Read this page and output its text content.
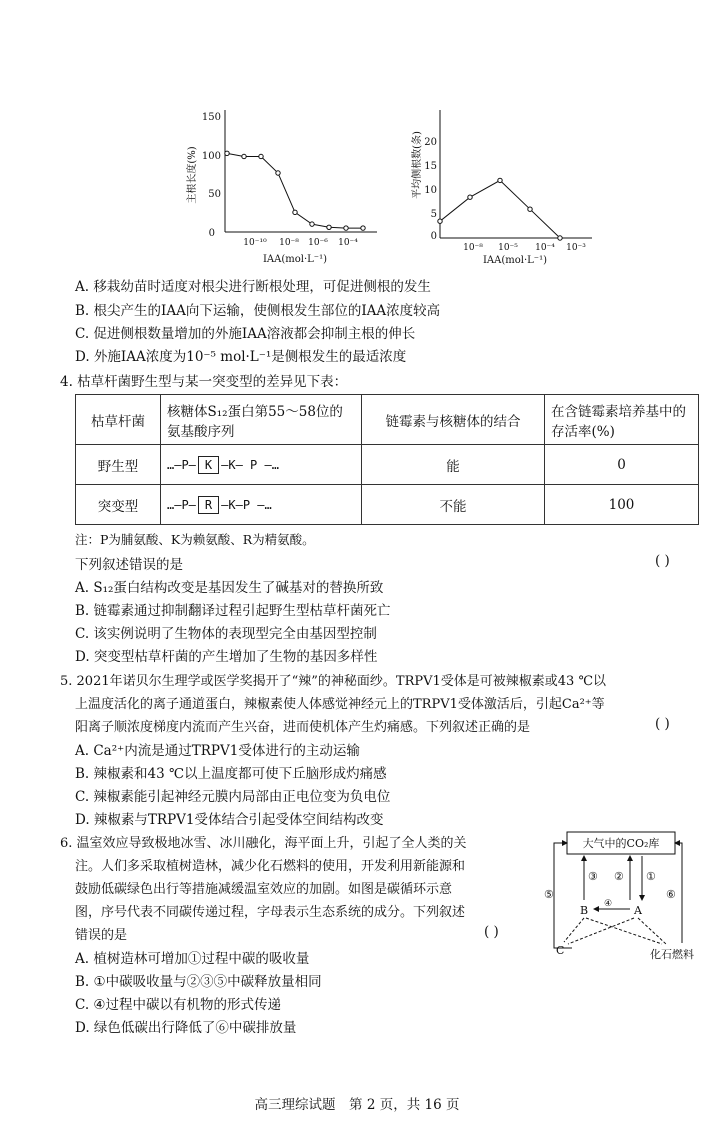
主根长度(%)
150
100
50
0
10⁻¹⁰ 10⁻⁸ 10⁻⁶ 10⁻⁴
IAA(mol·L⁻¹)
平均侧根数(条) 20
15
10
5
0
10⁻⁸ 10⁻⁵ 10⁻⁴ 10⁻³
IAA(mol·L⁻¹)
A. 移栽幼苗时适度对根尖进行断根处理，可促进侧根的发生
B. 根尖产生的IAA向下运输，使侧根发生部位的IAA浓度较高
C. 促进侧根数量增加的外施IAA溶液都会抑制主根的伸长
D. 外施IAA浓度为10⁻⁵ mol·L⁻¹是侧根发生的最适浓度
4. 枯草杆菌野生型与某一突变型的差异见下表：
枯草杆菌	核糖体S₁₂蛋白第55～58位的氨基酸序列	链霉素与核糖体的结合	在含链霉素培养基中的存活率(%)
野生型	…—P— K —K— P —…	能	0
突变型	…—P— R —K—P —…	不能	100
注：P为脯氨酸、K为赖氨酸、R为精氨酸。
下列叙述错误的是	( )
A. S₁₂蛋白结构改变是基因发生了碱基对的替换所致
B. 链霉素通过抑制翻译过程引起野生型枯草杆菌死亡
C. 该实例说明了生物体的表现型完全由基因型控制
D. 突变型枯草杆菌的产生增加了生物的基因多样性
5. 2021年诺贝尔生理学或医学奖揭开了“辣”的神秘面纱。TRPV1受体是可被辣椒素或43 ℃以
上温度活化的离子通道蛋白，辣椒素使人体感觉神经元上的TRPV1受体激活后，引起Ca²⁺等
阳离子顺浓度梯度内流而产生兴奋，进而使机体产生灼痛感。下列叙述正确的是	( )
A. Ca²⁺内流是通过TRPV1受体进行的主动运输
B. 辣椒素和43 ℃以上温度都可使下丘脑形成灼痛感
C. 辣椒素能引起神经元膜内局部由正电位变为负电位
D. 辣椒素与TRPV1受体结合引起受体空间结构改变
6. 温室效应导致极地冰雪、冰川融化，海平面上升，引起了全人类的关
注。人们多采取植树造林，减少化石燃料的使用，开发利用新能源和
鼓励低碳绿色出行等措施减缓温室效应的加剧。如图是碳循环示意
图，序号代表不同碳传递过程，字母表示生态系统的成分。下列叙述
错误的是	( )
A. 植树造林可增加①过程中碳的吸收量
B. ①中碳吸收量与②③⑤中碳释放量相同
C. ④过程中碳以有机物的形式传递
D. 绿色低碳出行降低了⑥中碳排放量
大气中的CO₂库
③ ② ①
⑤	⑥
B	A
④
C	化石燃料
高三理综试题　第 2 页，共 16 页
